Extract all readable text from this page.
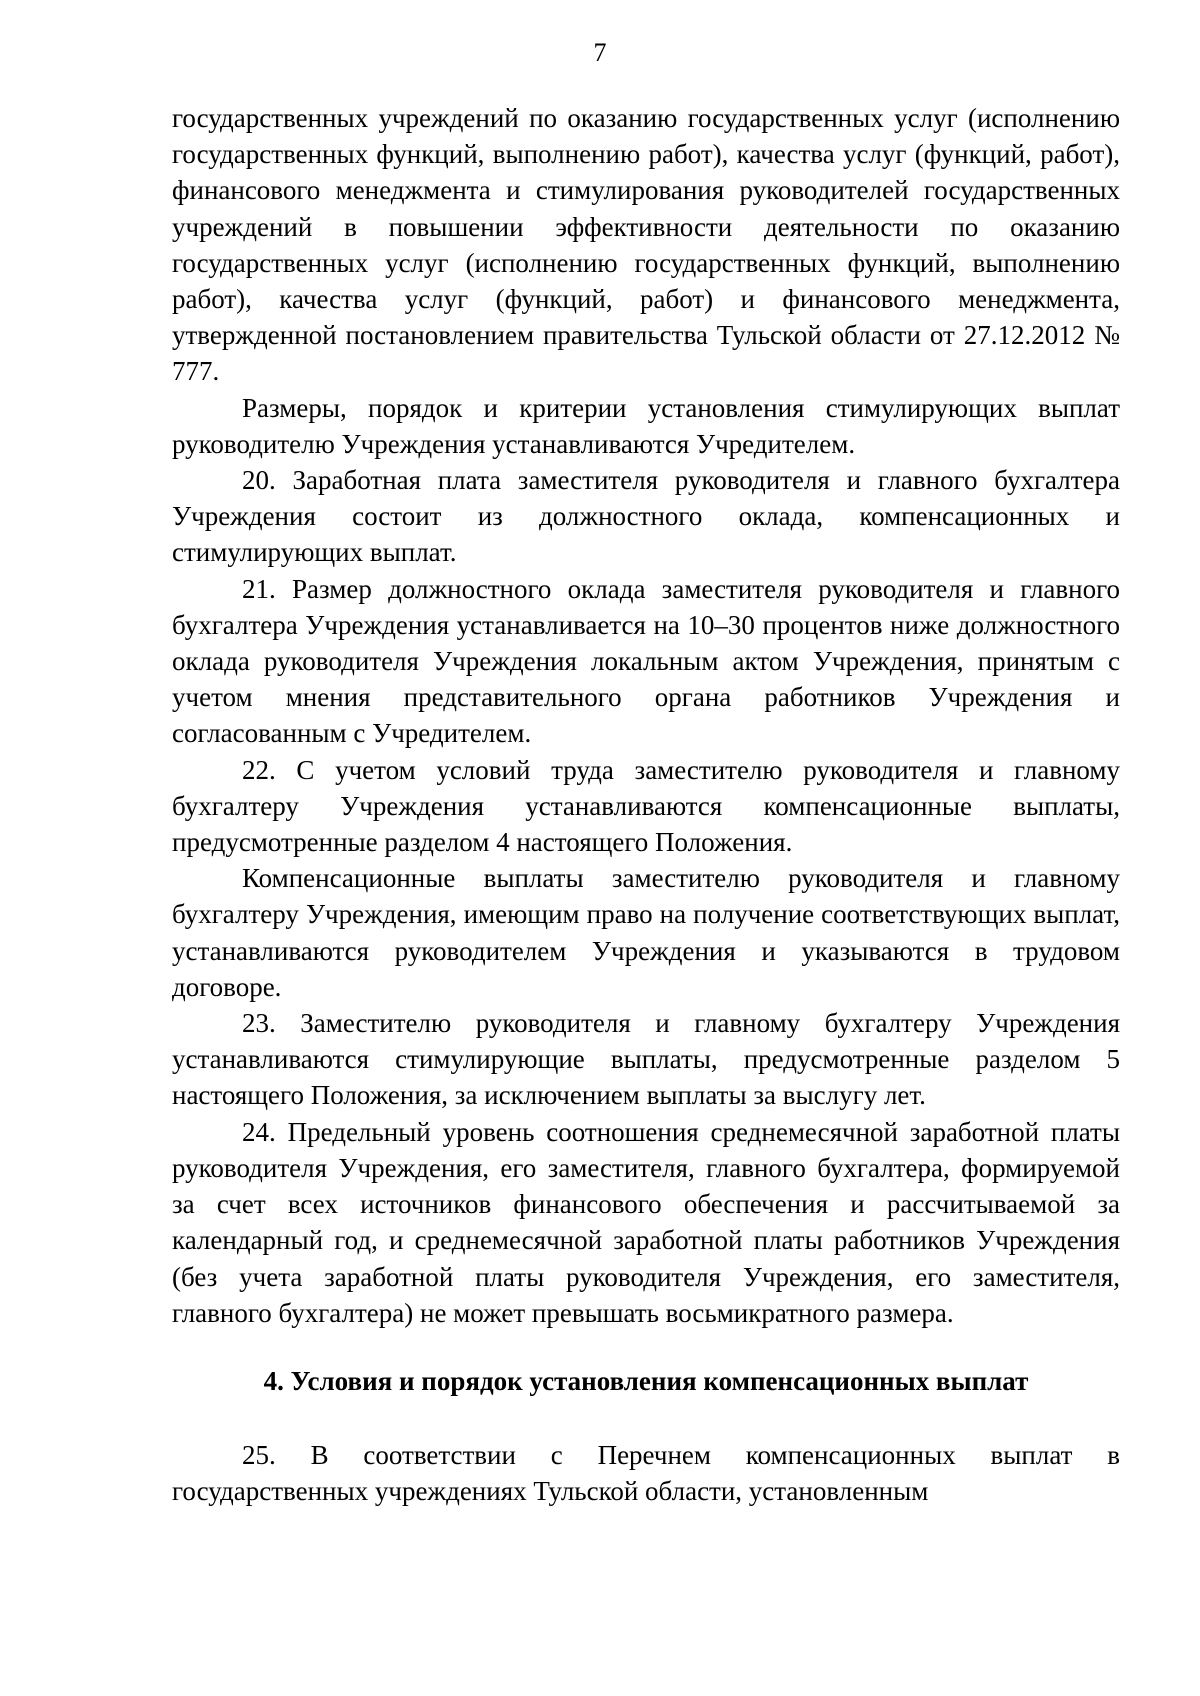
7

государственных учреждений по оказанию государственных услуг (исполнению государственных функций, выполнению работ), качества услуг (функций, работ), финансового менеджмента и стимулирования руководителей государственных учреждений в повышении эффективности деятельности по оказанию государственных услуг (исполнению государственных функций, выполнению работ), качества услуг (функций, работ) и финансового менеджмента, утвержденной постановлением правительства Тульской области от 27.12.2012 № 777.

Размеры, порядок и критерии установления стимулирующих выплат руководителю Учреждения устанавливаются Учредителем.

20. Заработная плата заместителя руководителя и главного бухгалтера Учреждения состоит из должностного оклада, компенсационных и стимулирующих выплат.

21. Размер должностного оклада заместителя руководителя и главного бухгалтера Учреждения устанавливается на 10–30 процентов ниже должностного оклада руководителя Учреждения локальным актом Учреждения, принятым с учетом мнения представительного органа работников Учреждения и согласованным с Учредителем.

22. С учетом условий труда заместителю руководителя и главному бухгалтеру Учреждения устанавливаются компенсационные выплаты, предусмотренные разделом 4 настоящего Положения.

Компенсационные выплаты заместителю руководителя и главному бухгалтеру Учреждения, имеющим право на получение соответствующих выплат, устанавливаются руководителем Учреждения и указываются в трудовом договоре.

23. Заместителю руководителя и главному бухгалтеру Учреждения устанавливаются стимулирующие выплаты, предусмотренные разделом 5 настоящего Положения, за исключением выплаты за выслугу лет.

24. Предельный уровень соотношения среднемесячной заработной платы руководителя Учреждения, его заместителя, главного бухгалтера, формируемой за счет всех источников финансового обеспечения и рассчитываемой за календарный год, и среднемесячной заработной платы работников Учреждения (без учета заработной платы руководителя Учреждения, его заместителя, главного бухгалтера) не может превышать восьмикратного размера.

4. Условия и порядок установления компенсационных выплат

25. В соответствии с Перечнем компенсационных выплат в государственных учреждениях Тульской области, установленным
